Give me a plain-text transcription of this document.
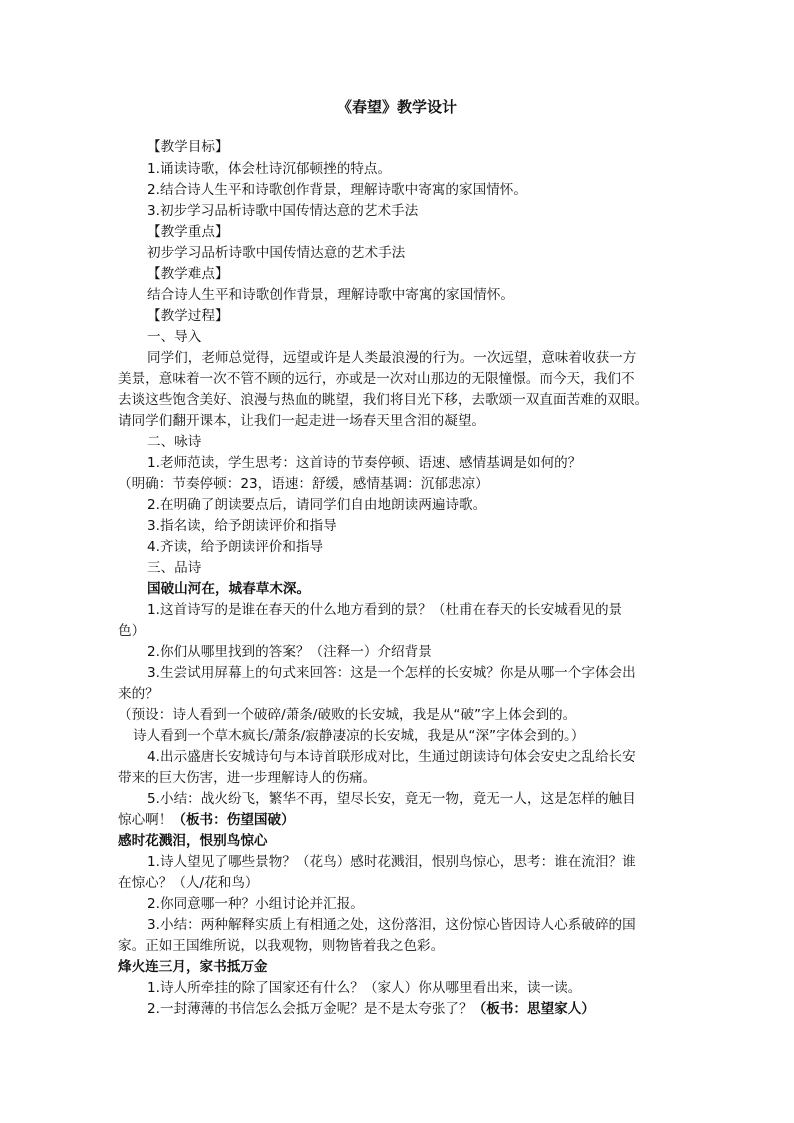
《春望》教学设计
【教学目标】
1.诵读诗歌，体会杜诗沉郁顿挫的特点。
2.结合诗人生平和诗歌创作背景，理解诗歌中寄寓的家国情怀。
3.初步学习品析诗歌中国传情达意的艺术手法
【教学重点】
初步学习品析诗歌中国传情达意的艺术手法
【教学难点】
结合诗人生平和诗歌创作背景，理解诗歌中寄寓的家国情怀。
【教学过程】
一、导入
同学们，老师总觉得，远望或许是人类最浪漫的行为。一次远望，意味着收获一方
美景，意味着一次不管不顾的远行，亦或是一次对山那边的无限憧憬。而今天，我们不
去谈这些饱含美好、浪漫与热血的眺望，我们将目光下移，去歌颂一双直面苦难的双眼。
请同学们翻开课本，让我们一起走进一场春天里含泪的凝望。
二、咏诗
1.老师范读，学生思考：这首诗的节奏停顿、语速、感情基调是如何的？
（明确：节奏停顿：23，语速：舒缓，感情基调：沉郁悲凉）
2.在明确了朗读要点后，请同学们自由地朗读两遍诗歌。
3.指名读，给予朗读评价和指导
4.齐读，给予朗读评价和指导
三、品诗
国破山河在，城春草木深。
1.这首诗写的是谁在春天的什么地方看到的景？（杜甫在春天的长安城看见的景
色）
2.你们从哪里找到的答案？（注释一）介绍背景
3.生尝试用屏幕上的句式来回答：这是一个怎样的长安城？你是从哪一个字体会出
来的？
（预设：诗人看到一个破碎/萧条/破败的长安城，我是从“破”字上体会到的。
诗人看到一个草木疯长/萧条/寂静凄凉的长安城，我是从“深”字体会到的。）
4.出示盛唐长安城诗句与本诗首联形成对比，生通过朗读诗句体会安史之乱给长安
带来的巨大伤害，进一步理解诗人的伤痛。
5.小结：战火纷飞，繁华不再，望尽长安，竟无一物，竟无一人，这是怎样的触目
惊心啊！（板书：伤望国破）
感时花溅泪，恨别鸟惊心
1.诗人望见了哪些景物？（花鸟）感时花溅泪，恨别鸟惊心，思考：谁在流泪？谁
在惊心？（人/花和鸟）
2.你同意哪一种？小组讨论并汇报。
3.小结：两种解释实质上有相通之处，这份落泪，这份惊心皆因诗人心系破碎的国
家。正如王国维所说，以我观物，则物皆着我之色彩。
烽火连三月，家书抵万金
1.诗人所牵挂的除了国家还有什么？（家人）你从哪里看出来，读一读。
2.一封薄薄的书信怎么会抵万金呢？是不是太夸张了？（板书：思望家人）
